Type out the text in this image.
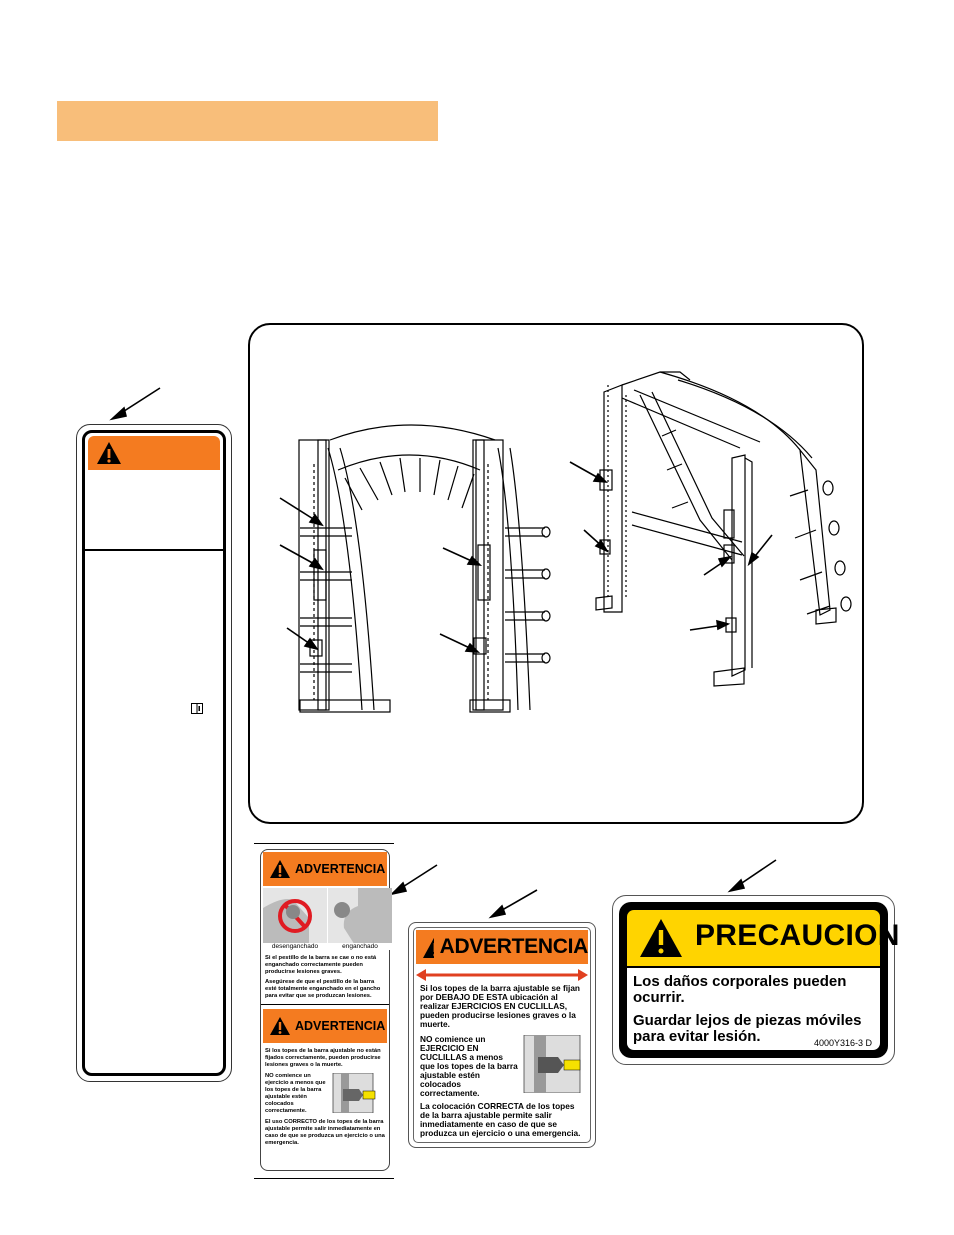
ADVERTENCIA
desenganchado	enganchado
Si el pestillo de la barra se cae o no está enganchado correctamente pueden producirse lesiones graves.
Asegúrese de que el pestillo de la barra esté totalmente enganchado en el gancho para evitar que se produzcan lesiones.
ADVERTENCIA
Si los topes de la barra ajustable no están fijados correctamente, pueden producirse lesiones graves o la muerte.
NO comience un ejercicio a menos que los topes de la barra ajustable estén colocados correctamente.
El uso CORRECTO de los topes de la barra ajustable permite salir inmediatamente en caso de que se produzca un ejercicio o una emergencia.
ADVERTENCIA
Si los topes de la barra ajustable se fijan por DEBAJO DE ESTA ubicación al realizar EJERCICIOS EN CUCLILLAS, pueden producirse lesiones graves o la muerte.
NO comience un EJERCICIO EN CUCLILLAS a menos que los topes de la barra ajustable estén colocados correctamente.
La colocación CORRECTA de los topes de la barra ajustable permite salir inmediatamente en caso de que se produzca un ejercicio o una emergencia.
PRECAUCION
Los daños corporales pueden ocurrir.
Guardar lejos de piezas móviles para evitar lesión.	4000Y316-3 D
